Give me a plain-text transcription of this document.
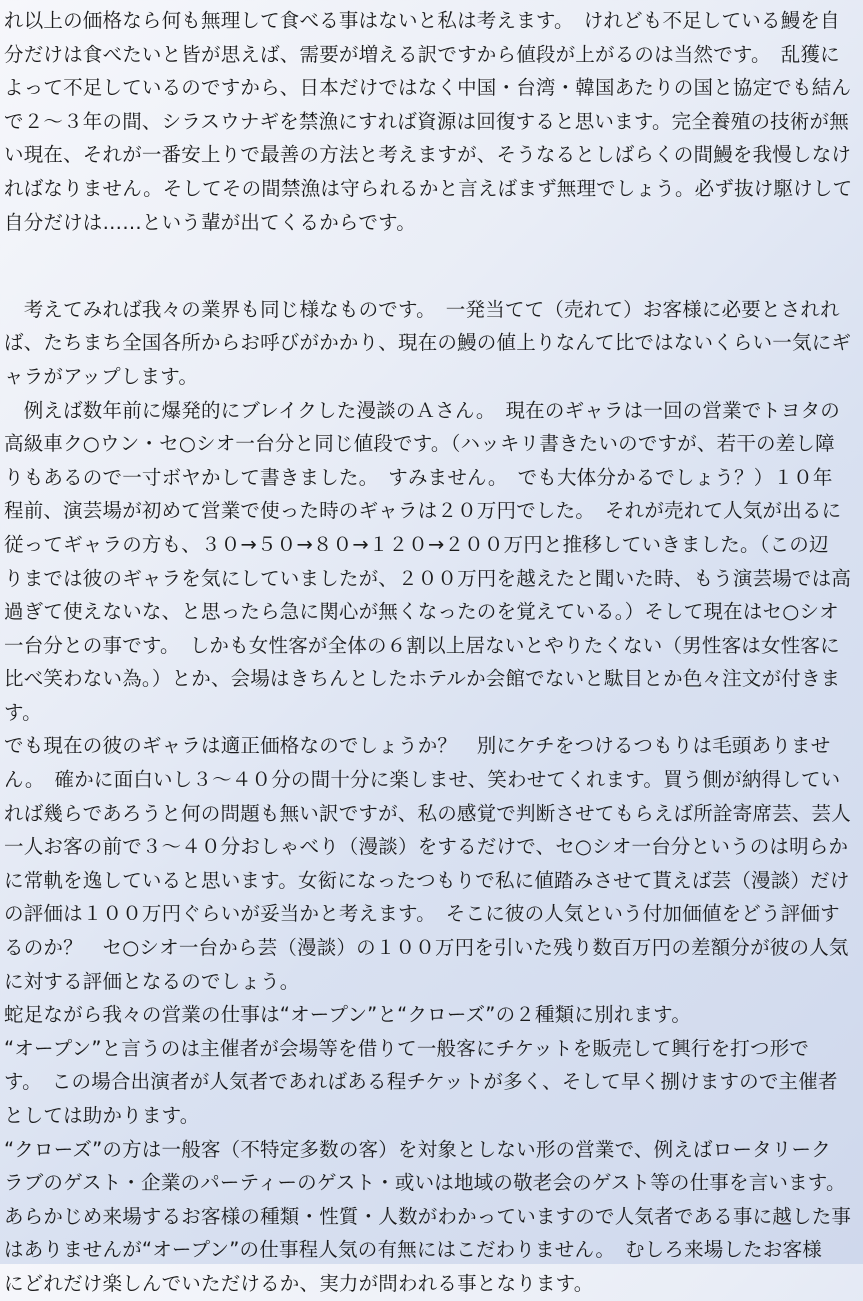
れ以上の価格なら何も無理して食べる事はないと私は考えます。　けれども不足している鰻を自
分だけは食べたいと皆が思えば、需要が増える訳ですから値段が上がるのは当然です。　乱獲に
よって不足しているのですから、日本だけではなく中国・台湾・韓国あたりの国と協定でも結ん
で２～３年の間、シラスウナギを禁漁にすれば資源は回復すると思います。完全養殖の技術が無
い現在、それが一番安上りで最善の方法と考えますが、そうなるとしばらくの間鰻を我慢しなけ
ればなりません。そしてその間禁漁は守られるかと言えばまず無理でしょう。必ず抜け駆けして
自分だけは……という輩が出てくるからです。
　考えてみれば我々の業界も同じ様なものです。　一発当てて（売れて）お客様に必要とされれ
ば、たちまち全国各所からお呼びがかかり、現在の鰻の値上りなんて比ではないくらい一気にギ
ャラがアップします。
　例えば数年前に爆発的にブレイクした漫談のＡさん。　現在のギャラは一回の営業でトヨタの
高級車ク○ウン・セ○シオ一台分と同じ値段です。（ハッキリ書きたいのですが、若干の差し障
りもあるので一寸ボヤかして書きました。　すみません。　でも大体分かるでしょう？）１０年
程前、演芸場が初めて営業で使った時のギャラは２０万円でした。　それが売れて人気が出るに
従ってギャラの方も、３０→５０→８０→１２０→２００万円と推移していきました。（この辺
りまでは彼のギャラを気にしていましたが、２００万円を越えたと聞いた時、もう演芸場では高
過ぎて使えないな、と思ったら急に関心が無くなったのを覚えている。）そして現在はセ○シオ
一台分との事です。　しかも女性客が全体の６割以上居ないとやりたくない（男性客は女性客に
比べ笑わない為。）とか、会場はきちんとしたホテルか会館でないと駄目とか色々注文が付きま
す。
でも現在の彼のギャラは適正価格なのでしょうか？　別にケチをつけるつもりは毛頭ありませ
ん。　確かに面白いし３～４０分の間十分に楽しませ、笑わせてくれます。買う側が納得してい
れば幾らであろうと何の問題も無い訳ですが、私の感覚で判断させてもらえば所詮寄席芸、芸人
一人お客の前で３～４０分おしゃべり（漫談）をするだけで、セ○シオ一台分というのは明らか
に常軌を逸していると思います。女衒になったつもりで私に値踏みさせて貰えば芸（漫談）だけ
の評価は１００万円ぐらいが妥当かと考えます。　そこに彼の人気という付加価値をどう評価す
るのか？　セ○シオ一台から芸（漫談）の１００万円を引いた残り数百万円の差額分が彼の人気
に対する評価となるのでしょう。
蛇足ながら我々の営業の仕事は“オープン”と“クローズ”の２種類に別れます。
“オープン”と言うのは主催者が会場等を借りて一般客にチケットを販売して興行を打つ形で
す。　この場合出演者が人気者であればある程チケットが多く、そして早く捌けますので主催者
としては助かります。
“クローズ”の方は一般客（不特定多数の客）を対象としない形の営業で、例えばロータリーク
ラブのゲスト・企業のパーティーのゲスト・或いは地域の敬老会のゲスト等の仕事を言います。
あらかじめ来場するお客様の種類・性質・人数がわかっていますので人気者である事に越した事
はありませんが“オープン”の仕事程人気の有無にはこだわりません。　むしろ来場したお客様
にどれだけ楽しんでいただけるか、実力が問われる事となります。
